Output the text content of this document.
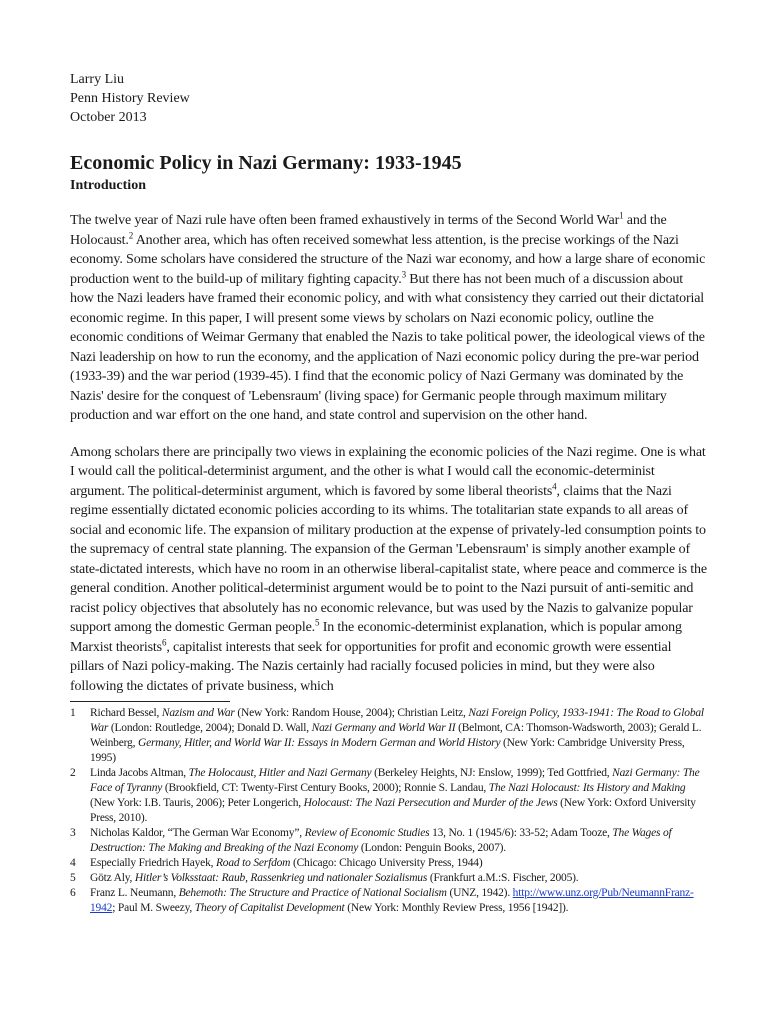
Larry Liu
Penn History Review
October 2013
Economic Policy in Nazi Germany: 1933-1945
Introduction

The twelve year of Nazi rule have often been framed exhaustively in terms of the Second World War$^1$ and the Holocaust.$^2$ Another area, which has often received somewhat less attention, is the precise workings of the Nazi economy. Some scholars have considered the structure of the Nazi war economy, and how a large share of economic production went to the build-up of military fighting capacity.$^3$ But there has not been much of a discussion about how the Nazi leaders have framed their economic policy, and with what consistency they carried out their dictatorial economic regime. In this paper, I will present some views by scholars on Nazi economic policy, outline the economic conditions of Weimar Germany that enabled the Nazis to take political power, the ideological views of the Nazi leadership on how to run the economy, and the application of Nazi economic policy during the pre-war period (1933-39) and the war period (1939-45). I find that the economic policy of Nazi Germany was dominated by the Nazis' desire for the conquest of 'Lebensraum' (living space) for Germanic people through maximum military production and war effort on the one hand, and state control and supervision on the other hand.

Among scholars there are principally two views in explaining the economic policies of the Nazi regime. One is what I would call the political-determinist argument, and the other is what I would call the economic-determinist argument. The political-determinist argument, which is favored by some liberal theorists$^4$, claims that the Nazi regime essentially dictated economic policies according to its whims. The totalitarian state expands to all areas of social and economic life. The expansion of military production at the expense of privately-led consumption points to the supremacy of central state planning. The expansion of the German 'Lebensraum' is simply another example of state-dictated interests, which have no room in an otherwise liberal-capitalist state, where peace and commerce is the general condition. Another political-determinist argument would be to point to the Nazi pursuit of anti-semitic and racist policy objectives that absolutely has no economic relevance, but was used by the Nazis to galvanize popular support among the domestic German people.$^5$ In the economic-determinist explanation, which is popular among Marxist theorists$^6$, capitalist interests that seek for opportunities for profit and economic growth were essential pillars of Nazi policy-making. The Nazis certainly had racially focused policies in mind, but they were also following the dictates of private business, which

1	Richard Bessel, Nazism and War (New York: Random House, 2004); Christian Leitz, Nazi Foreign Policy, 1933-1941: The Road to Global War (London: Routledge, 2004); Donald D. Wall, Nazi Germany and World War II (Belmont, CA: Thomson-Wadsworth, 2003); Gerald L. Weinberg, Germany, Hitler, and World War II: Essays in Modern German and World History (New York: Cambridge University Press, 1995)
2	Linda Jacobs Altman, The Holocaust, Hitler and Nazi Germany (Berkeley Heights, NJ: Enslow, 1999); Ted Gottfried, Nazi Germany: The Face of Tyranny (Brookfield, CT: Twenty-First Century Books, 2000); Ronnie S. Landau, The Nazi Holocaust: Its History and Making (New York: I.B. Tauris, 2006); Peter Longerich, Holocaust: The Nazi Persecution and Murder of the Jews (New York: Oxford University Press, 2010).
3	Nicholas Kaldor, “The German War Economy”, Review of Economic Studies 13, No. 1 (1945/6): 33-52; Adam Tooze, The Wages of Destruction: The Making and Breaking of the Nazi Economy (London: Penguin Books, 2007).
4	Especially Friedrich Hayek, Road to Serfdom (Chicago: Chicago University Press, 1944)
5	Götz Aly, Hitler’s Volksstaat: Raub, Rassenkrieg und nationaler Sozialismus (Frankfurt a.M.:S. Fischer, 2005).
6	Franz L. Neumann, Behemoth: The Structure and Practice of National Socialism (UNZ, 1942). http://www.unz.org/Pub/NeumannFranz-1942; Paul M. Sweezy, Theory of Capitalist Development (New York: Monthly Review Press, 1956 [1942]).
